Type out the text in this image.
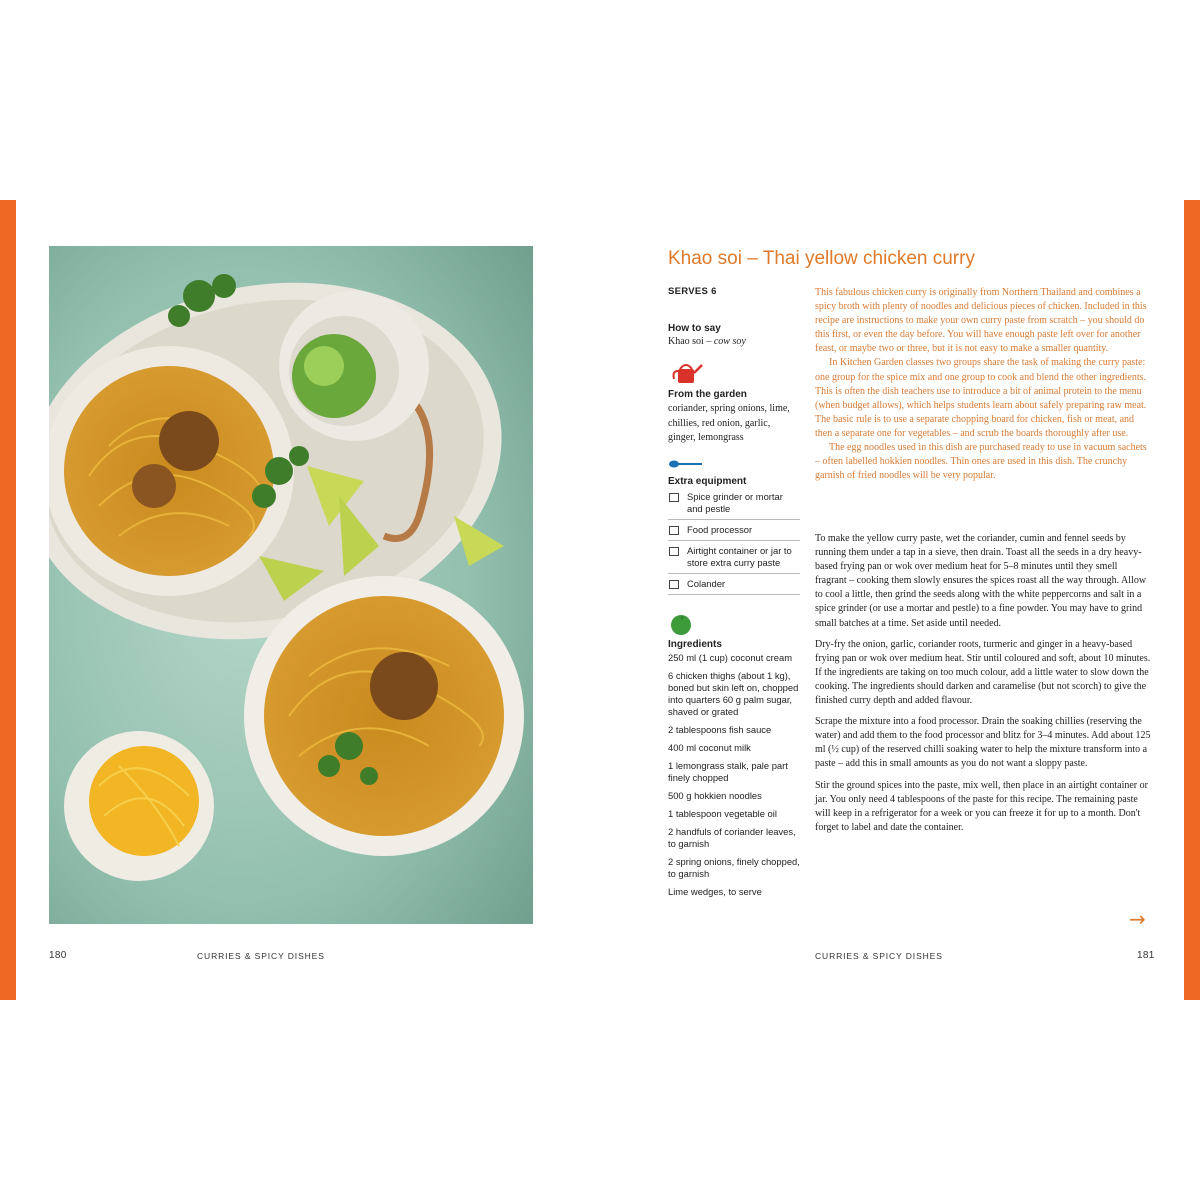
180	CURRIES & SPICY DISHES
Khao soi – Thai yellow chicken curry
SERVES 6
How to say
Khao soi – cow soy
From the garden
coriander, spring onions, lime, chillies, red onion, garlic, ginger, lemongrass
Extra equipment
Spice grinder or mortar and pestle
Food processor
Airtight container or jar to store extra curry paste
Colander
Ingredients
250 ml (1 cup) coconut cream
6 chicken thighs (about 1 kg), boned but skin left on, chopped into quarters 60 g palm sugar, shaved or grated
2 tablespoons fish sauce
400 ml coconut milk
1 lemongrass stalk, pale part finely chopped
500 g hokkien noodles
1 tablespoon vegetable oil
2 handfuls of coriander leaves, to garnish
2 spring onions, finely chopped, to garnish
Lime wedges, to serve

This fabulous chicken curry is originally from Northern Thailand and combines a spicy broth with plenty of noodles and delicious pieces of chicken. Included in this recipe are instructions to make your own curry paste from scratch – you should do this first, or even the day before. You will have enough paste left over for another feast, or maybe two or three, but it is not easy to make a smaller quantity.

In Kitchen Garden classes two groups share the task of making the curry paste: one group for the spice mix and one group to cook and blend the other ingredients. This is often the dish teachers use to introduce a bit of animal protein to the menu (when budget allows), which helps students learn about safely preparing raw meat. The basic rule is to use a separate chopping board for chicken, fish or meat, and then a separate one for vegetables – and scrub the boards thoroughly after use.

The egg noodles used in this dish are purchased ready to use in vacuum sachets – often labelled hokkien noodles. Thin ones are used in this dish. The crunchy garnish of fried noodles will be very popular.

To make the yellow curry paste, wet the coriander, cumin and fennel seeds by running them under a tap in a sieve, then drain. Toast all the seeds in a dry heavy-based frying pan or wok over medium heat for 5–8 minutes until they smell fragrant – cooking them slowly ensures the spices roast all the way through. Allow to cool a little, then grind the seeds along with the white peppercorns and salt in a spice grinder (or use a mortar and pestle) to a fine powder. You may have to grind small batches at a time. Set aside until needed.

Dry-fry the onion, garlic, coriander roots, turmeric and ginger in a heavy-based frying pan or wok over medium heat. Stir until coloured and soft, about 10 minutes. If the ingredients are taking on too much colour, add a little water to slow down the cooking. The ingredients should darken and caramelise (but not scorch) to give the finished curry depth and added flavour.

Scrape the mixture into a food processor. Drain the soaking chillies (reserving the water) and add them to the food processor and blitz for 3–4 minutes. Add about 125 ml (½ cup) of the reserved chilli soaking water to help the mixture transform into a paste – add this in small amounts as you do not want a sloppy paste.

Stir the ground spices into the paste, mix well, then place in an airtight container or jar. You only need 4 tablespoons of the paste for this recipe. The remaining paste will keep in a refrigerator for a week or you can freeze it for up to a month. Don't forget to label and date the container.

→
CURRIES & SPICY DISHES	181
